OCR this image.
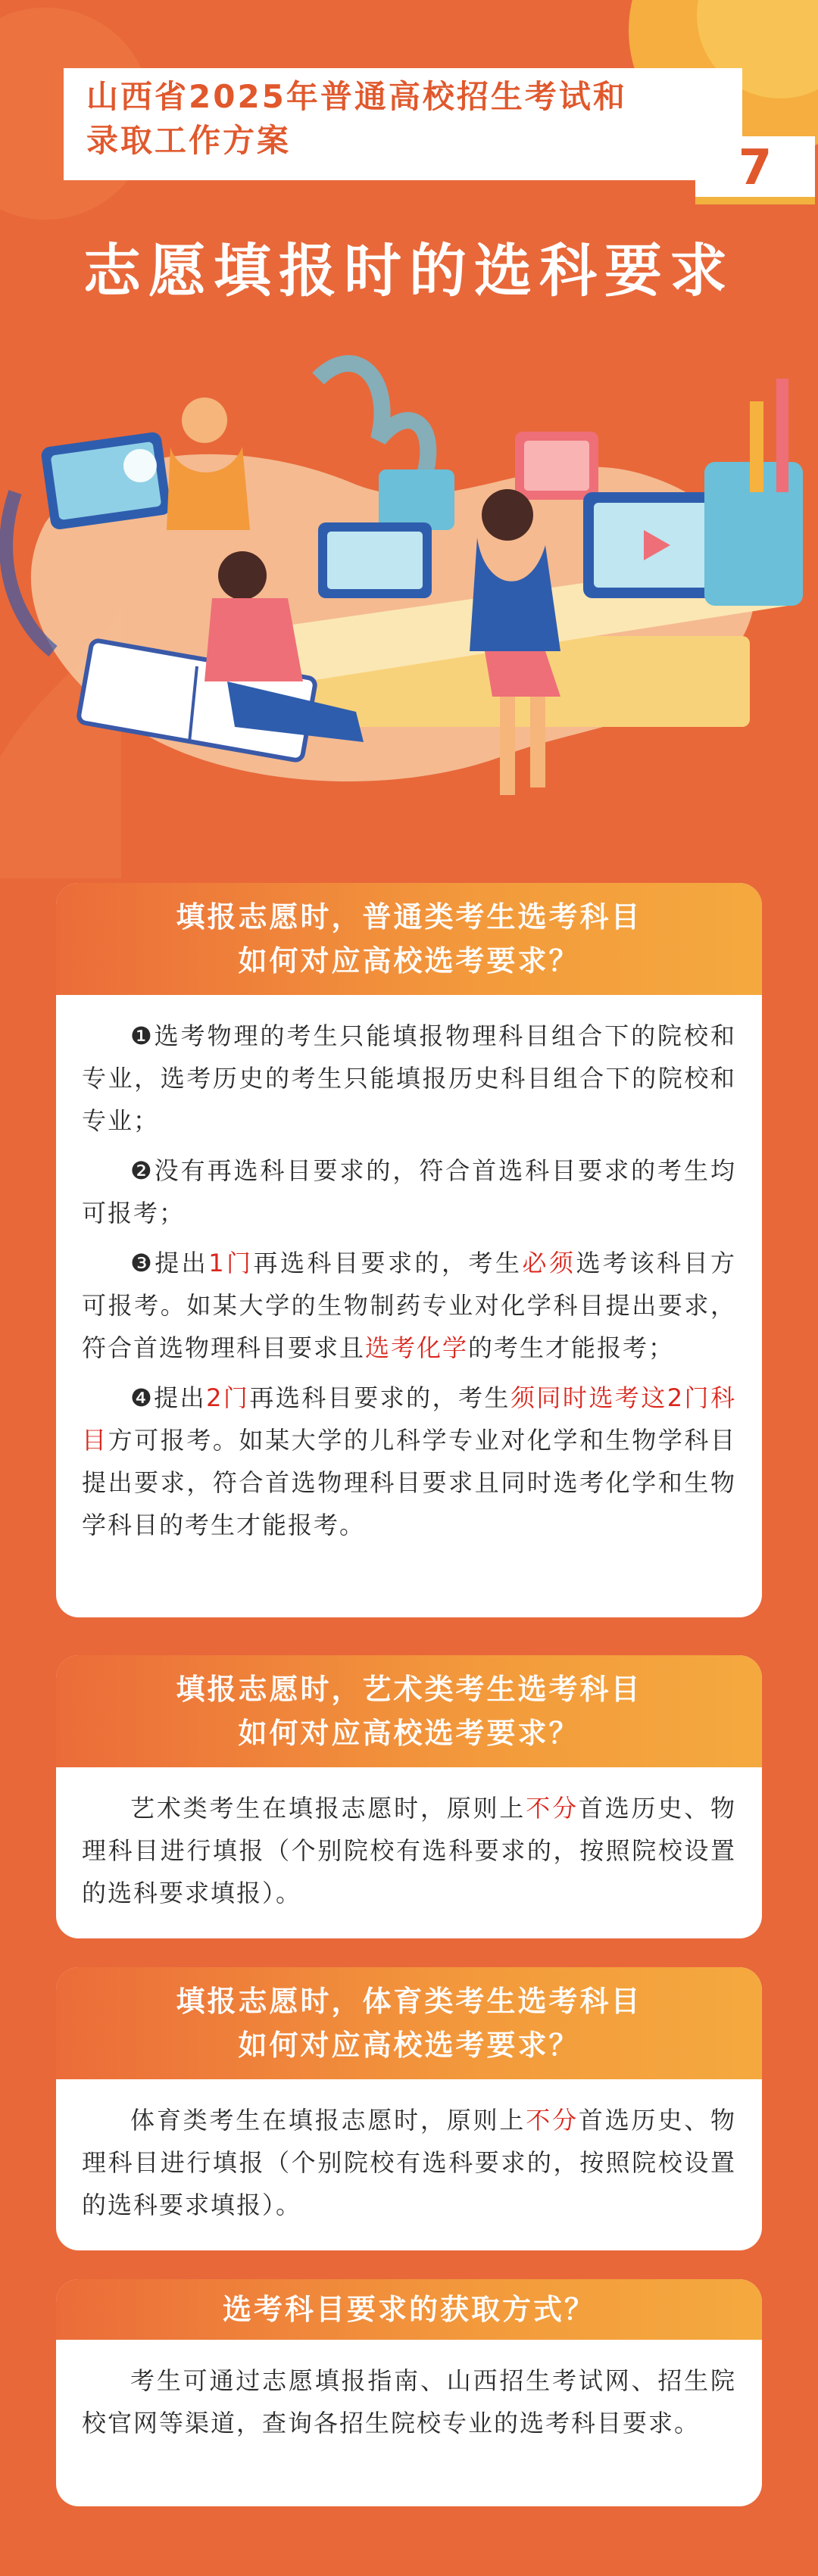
山西省2025年普通高校招生考试和
录取工作方案	7
志愿填报时的选科要求
填报志愿时，普通类考生选考科目
如何对应高校选考要求？

❶选考物理的考生只能填报物理科目组合下的院校和专业，选考历史的考生只能填报历史科目组合下的院校和专业；

❷没有再选科目要求的，符合首选科目要求的考生均可报考；

❸提出1门再选科目要求的，考生必须选考该科目方可报考。如某大学的生物制药专业对化学科目提出要求，符合首选物理科目要求且选考化学的考生才能报考；

❹提出2门再选科目要求的，考生须同时选考这2门科目方可报考。如某大学的儿科学专业对化学和生物学科目提出要求，符合首选物理科目要求且同时选考化学和生物学科目的考生才能报考。

填报志愿时，艺术类考生选考科目
如何对应高校选考要求？

艺术类考生在填报志愿时，原则上不分首选历史、物理科目进行填报（个别院校有选科要求的，按照院校设置的选科要求填报）。

填报志愿时，体育类考生选考科目
如何对应高校选考要求？

体育类考生在填报志愿时，原则上不分首选历史、物理科目进行填报（个别院校有选科要求的，按照院校设置的选科要求填报）。

选考科目要求的获取方式？

考生可通过志愿填报指南、山西招生考试网、招生院校官网等渠道，查询各招生院校专业的选考科目要求。
